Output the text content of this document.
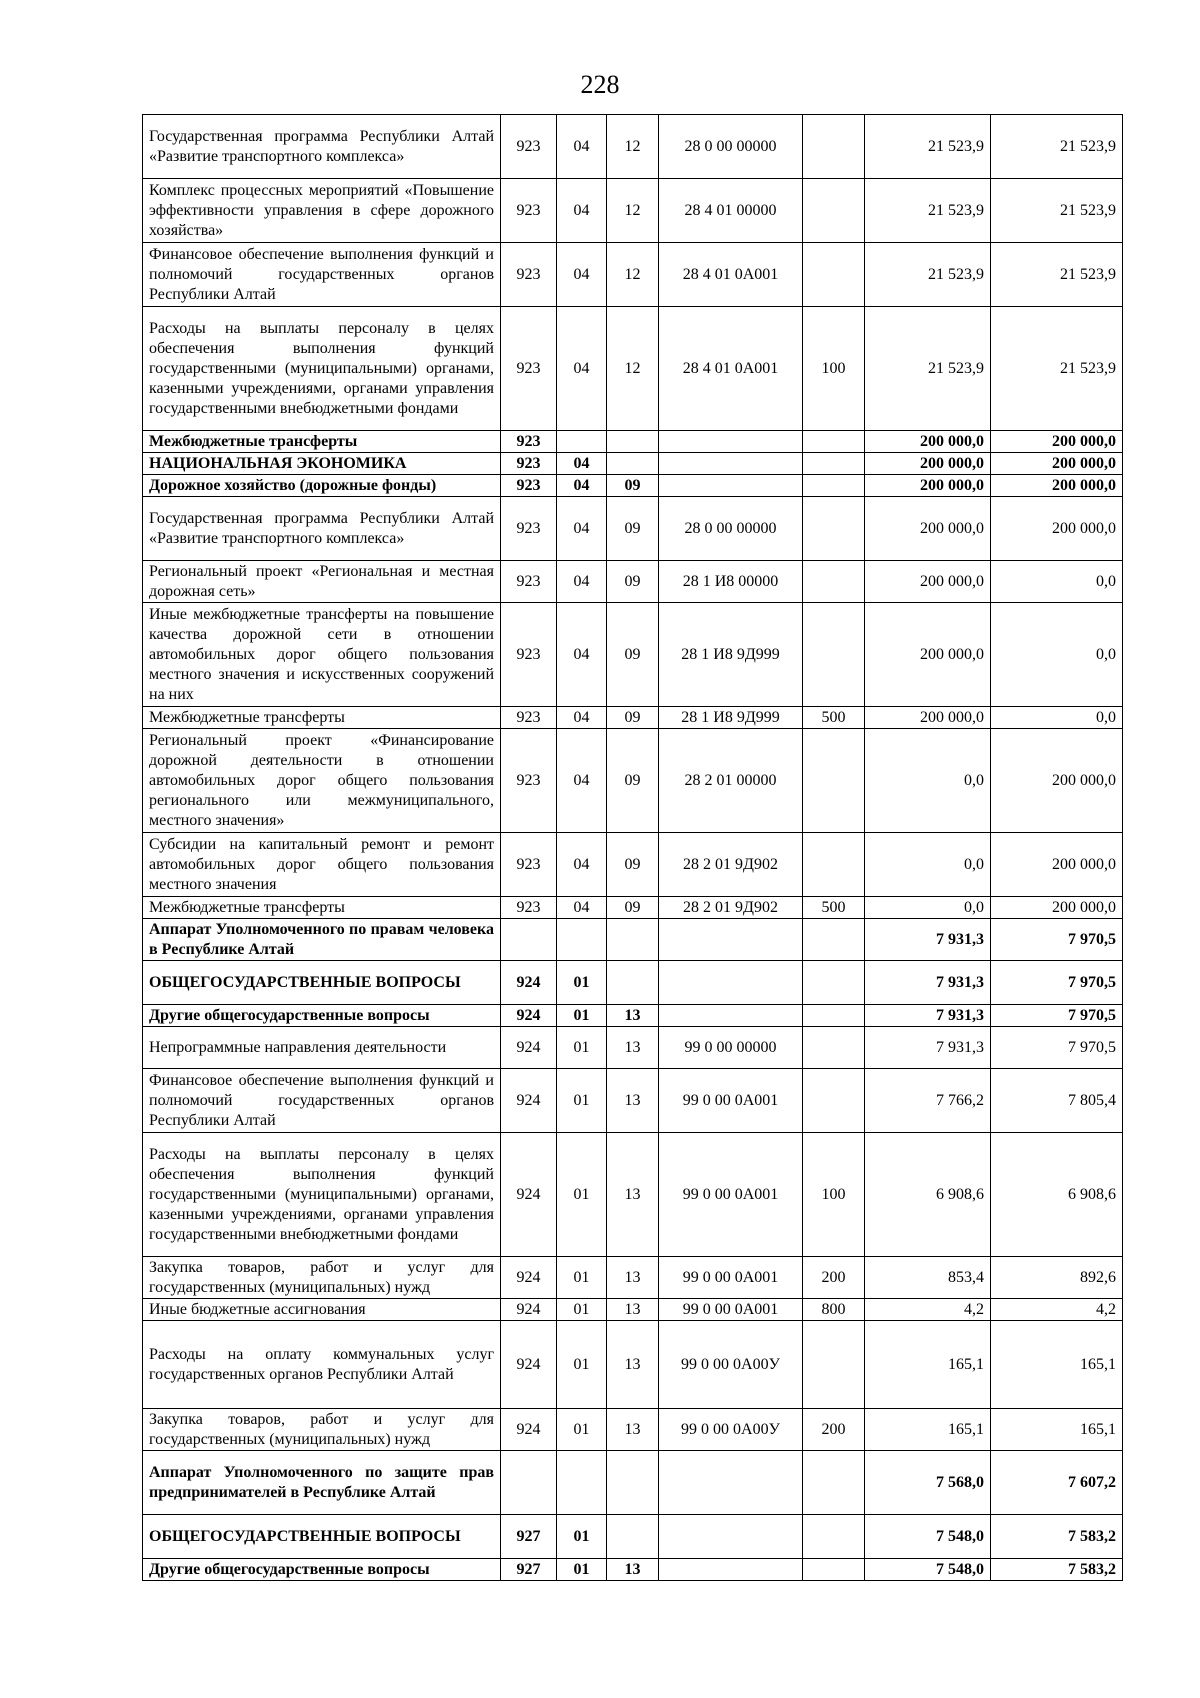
228
Государственная программа Республики Алтай «Развитие транспортного комплекса»	923	04	12	28 0 00 00000		21 523,9	21 523,9
Комплекс процессных мероприятий «Повышение эффективности управления в сфере дорожного хозяйства»	923	04	12	28 4 01 00000		21 523,9	21 523,9
Финансовое обеспечение выполнения функций и полномочий государственных органов Республики Алтай	923	04	12	28 4 01 0А001		21 523,9	21 523,9
Расходы на выплаты персоналу в целях обеспечения выполнения функций государственными (муниципальными) органами, казенными учреждениями, органами управления государственными внебюджетными фондами	923	04	12	28 4 01 0А001	100	21 523,9	21 523,9
Межбюджетные трансферты	923					200 000,0	200 000,0
НАЦИОНАЛЬНАЯ ЭКОНОМИКА	923	04				200 000,0	200 000,0
Дорожное хозяйство (дорожные фонды)	923	04	09			200 000,0	200 000,0
Государственная программа Республики Алтай «Развитие транспортного комплекса»	923	04	09	28 0 00 00000		200 000,0	200 000,0
Региональный проект «Региональная и местная дорожная сеть»	923	04	09	28 1 И8 00000		200 000,0	0,0
Иные межбюджетные трансферты на повышение качества дорожной сети в отношении автомобильных дорог общего пользования местного значения и искусственных сооружений на них	923	04	09	28 1 И8 9Д999		200 000,0	0,0
Межбюджетные трансферты	923	04	09	28 1 И8 9Д999	500	200 000,0	0,0
Региональный проект «Финансирование дорожной деятельности в отношении автомобильных дорог общего пользования регионального или межмуниципального, местного значения»	923	04	09	28 2 01 00000		0,0	200 000,0
Субсидии на капитальный ремонт и ремонт автомобильных дорог общего пользования местного значения	923	04	09	28 2 01 9Д902		0,0	200 000,0
Межбюджетные трансферты	923	04	09	28 2 01 9Д902	500	0,0	200 000,0
Аппарат Уполномоченного по правам человека в Республике Алтай						7 931,3	7 970,5
ОБЩЕГОСУДАРСТВЕННЫЕ ВОПРОСЫ	924	01				7 931,3	7 970,5
Другие общегосударственные вопросы	924	01	13			7 931,3	7 970,5
Непрограммные направления деятельности	924	01	13	99 0 00 00000		7 931,3	7 970,5
Финансовое обеспечение выполнения функций и полномочий государственных органов Республики Алтай	924	01	13	99 0 00 0А001		7 766,2	7 805,4
Расходы на выплаты персоналу в целях обеспечения выполнения функций государственными (муниципальными) органами, казенными учреждениями, органами управления государственными внебюджетными фондами	924	01	13	99 0 00 0А001	100	6 908,6	6 908,6
Закупка товаров, работ и услуг для государственных (муниципальных) нужд	924	01	13	99 0 00 0А001	200	853,4	892,6
Иные бюджетные ассигнования	924	01	13	99 0 00 0А001	800	4,2	4,2
Расходы на оплату коммунальных услуг государственных органов Республики Алтай	924	01	13	99 0 00 0А00У		165,1	165,1
Закупка товаров, работ и услуг для государственных (муниципальных) нужд	924	01	13	99 0 00 0А00У	200	165,1	165,1
Аппарат Уполномоченного по защите прав предпринимателей в Республике Алтай						7 568,0	7 607,2
ОБЩЕГОСУДАРСТВЕННЫЕ ВОПРОСЫ	927	01				7 548,0	7 583,2
Другие общегосударственные вопросы	927	01	13			7 548,0	7 583,2
